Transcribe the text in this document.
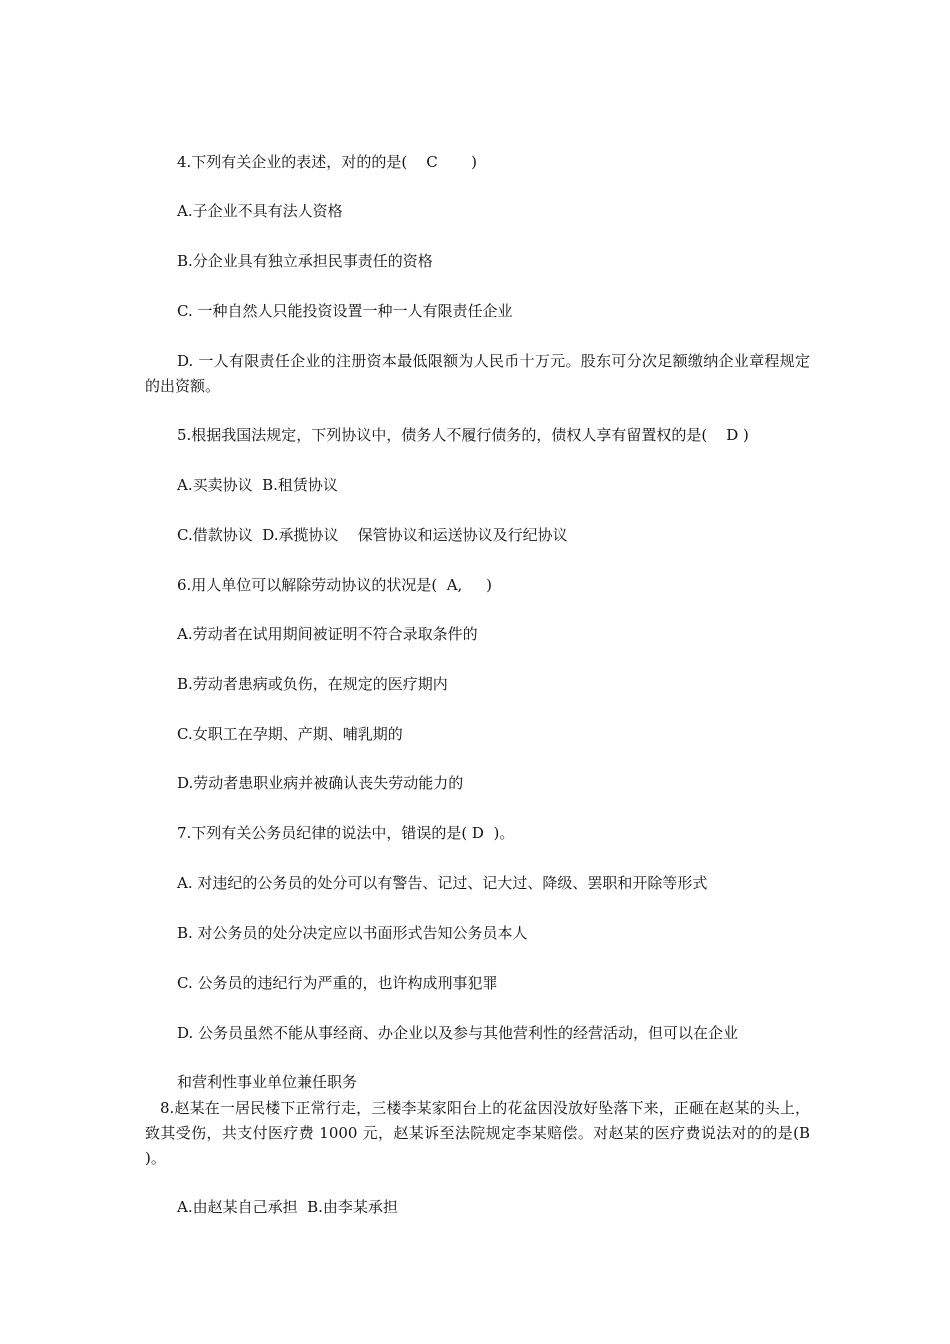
4.下列有关企业的表述，对的的是(    C       )
A.子企业不具有法人资格
B.分企业具有独立承担民事责任的资格
C. 一种自然人只能投资设置一种一人有限责任企业
D. 一人有限责任企业的注册资本最低限额为人民币十万元。股东可分次足额缴纳企业章程规定的出资额。
5.根据我国法规定，下列协议中，债务人不履行债务的，债权人享有留置权的是(    D )
A.买卖协议  B.租赁协议
C.借款协议  D.承揽协议    保管协议和运送协议及行纪协议
6.用人单位可以解除劳动协议的状况是(  A,     )
A.劳动者在试用期间被证明不符合录取条件的
B.劳动者患病或负伤，在规定的医疗期内
C.女职工在孕期、产期、哺乳期的
D.劳动者患职业病并被确认丧失劳动能力的
7.下列有关公务员纪律的说法中，错误的是( D  )。
A. 对违纪的公务员的处分可以有警告、记过、记大过、降级、罢职和开除等形式
B. 对公务员的处分决定应以书面形式告知公务员本人
C. 公务员的违纪行为严重的，也许构成刑事犯罪
D. 公务员虽然不能从事经商、办企业以及参与其他营利性的经营活动，但可以在企业
和营利性事业单位兼任职务
8.赵某在一居民楼下正常行走，三楼李某家阳台上的花盆因没放好坠落下来，正砸在赵某的头上，致其受伤，共支付医疗费 1000 元，赵某诉至法院规定李某赔偿。对赵某的医疗费说法对的的是(B )。
A.由赵某自己承担  B.由李某承担
